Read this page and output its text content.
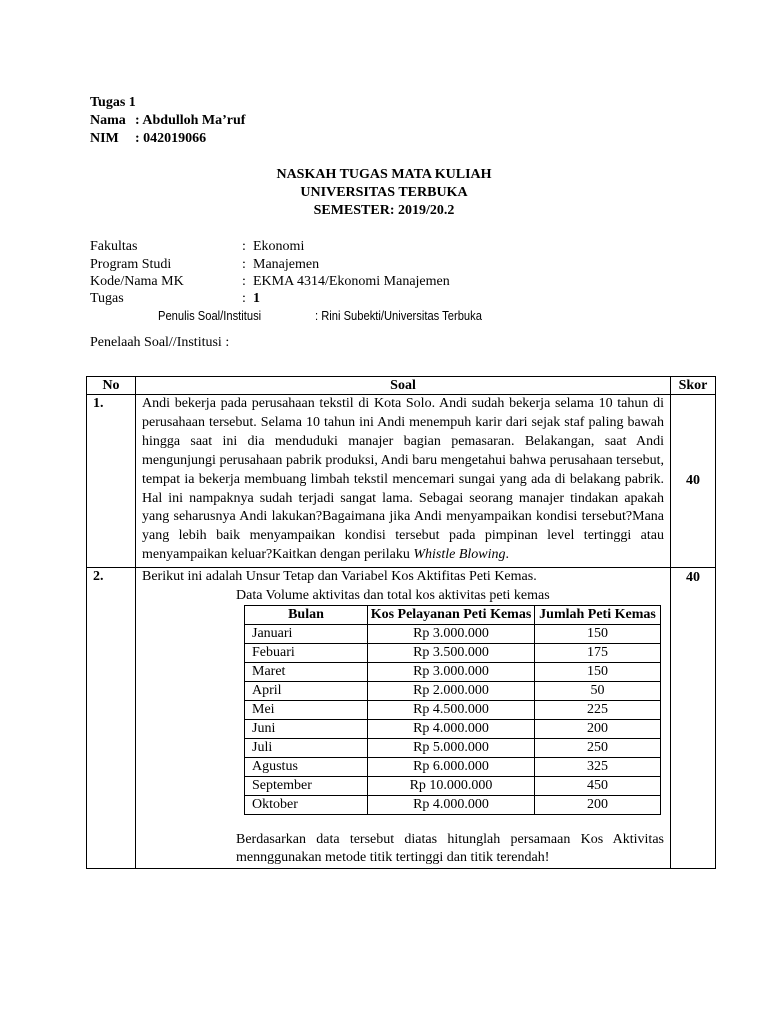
Tugas 1
Nama : Abdulloh Ma’ruf
NIM : 042019066
NASKAH TUGAS MATA KULIAH
UNIVERSITAS TERBUKA
SEMESTER: 2019/20.2
Fakultas	: Ekonomi
Program Studi	: Manajemen
Kode/Nama MK	: EKMA 4314/Ekonomi Manajemen
Tugas	: 1
Penulis Soal/Institusi	: Rini Subekti/Universitas Terbuka
Penelaah Soal//Institusi :
No	Soal	Skor
1.	Andi bekerja pada perusahaan tekstil di Kota Solo. Andi sudah bekerja selama 10 tahun di perusahaan tersebut. Selama 10 tahun ini Andi menempuh karir dari sejak staf paling bawah hingga saat ini dia menduduki manajer bagian pemasaran. Belakangan, saat Andi mengunjungi perusahaan pabrik produksi, Andi baru mengetahui bahwa perusahaan tersebut, tempat ia bekerja membuang limbah tekstil mencemari sungai yang ada di belakang pabrik. Hal ini nampaknya sudah terjadi sangat lama. Sebagai seorang manajer tindakan apakah yang seharusnya Andi lakukan?Bagaimana jika Andi menyampaikan kondisi tersebut?Mana yang lebih baik menyampaikan kondisi tersebut pada pimpinan level tertinggi atau menyampaikan keluar?Kaitkan dengan perilaku Whistle Blowing.

	40
2.	Berikut ini adalah Unsur Tetap dan Variabel Kos Aktifitas Peti Kemas.
Data Volume aktivitas dan total kos aktivitas peti kemas
Bulan	Kos Pelayanan Peti Kemas	Jumlah Peti Kemas
Januari	Rp 3.000.000	150
Febuari	Rp 3.500.000	175
Maret	Rp 3.000.000	150
April	Rp 2.000.000	50
Mei	Rp 4.500.000	225
Juni	Rp 4.000.000	200
Juli	Rp 5.000.000	250
Agustus	Rp 6.000.000	325
September	Rp 10.000.000	450
Oktober	Rp 4.000.000	200

Berdasarkan data tersebut diatas hitunglah persamaan Kos Aktivitas mennggunakan metode titik tertinggi dan titik terendah!

	40
